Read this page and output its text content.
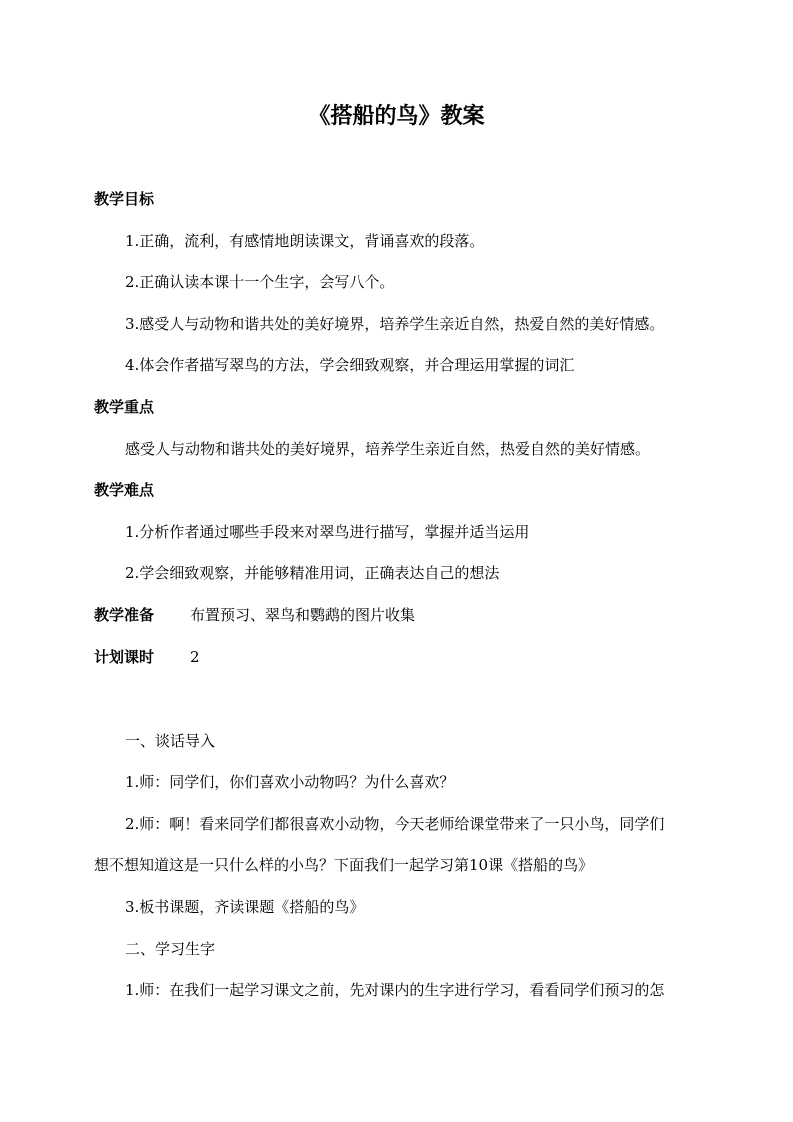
《搭船的鸟》教案
教学目标
1.正确，流利，有感情地朗读课文，背诵喜欢的段落。
2.正确认读本课十一个生字，会写八个。
3.感受人与动物和谐共处的美好境界，培养学生亲近自然，热爱自然的美好情感。
4.体会作者描写翠鸟的方法，学会细致观察，并合理运用掌握的词汇
教学重点
感受人与动物和谐共处的美好境界，培养学生亲近自然，热爱自然的美好情感。
教学难点
1.分析作者通过哪些手段来对翠鸟进行描写，掌握并适当运用
2.学会细致观察，并能够精准用词，正确表达自己的想法
教学准备 布置预习、翠鸟和鹦鹉的图片收集
计划课时 2
一、谈话导入
1.师：同学们，你们喜欢小动物吗？为什么喜欢？
2.师：啊！看来同学们都很喜欢小动物，今天老师给课堂带来了一只小鸟，同学们
想不想知道这是一只什么样的小鸟？下面我们一起学习第10课《搭船的鸟》
3.板书课题，齐读课题《搭船的鸟》
二、学习生字
1.师：在我们一起学习课文之前，先对课内的生字进行学习，看看同学们预习的怎
